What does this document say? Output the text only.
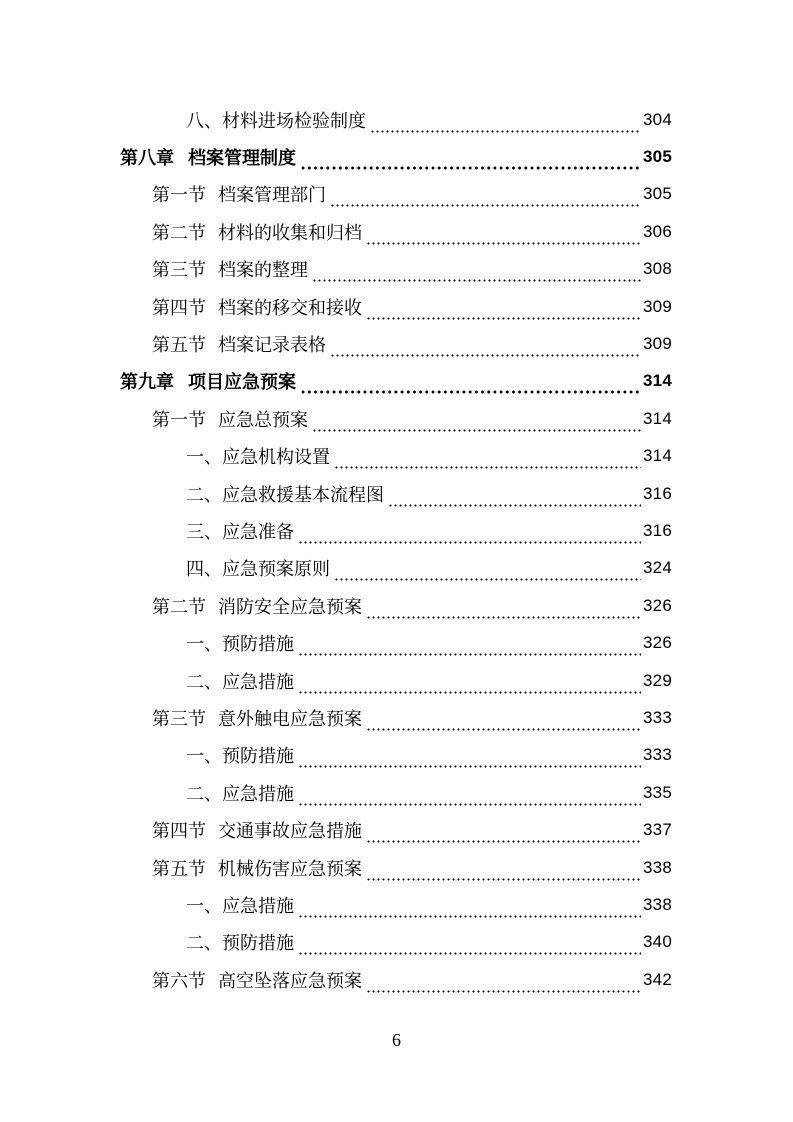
八、材料进场检验制度	304
第八章 档案管理制度	305
第一节 档案管理部门	305
第二节 材料的收集和归档	306
第三节 档案的整理	308
第四节 档案的移交和接收	309
第五节 档案记录表格	309
第九章 项目应急预案	314
第一节 应急总预案	314
一、应急机构设置	314
二、应急救援基本流程图	316
三、应急准备	316
四、应急预案原则	324
第二节 消防安全应急预案	326
一、预防措施	326
二、应急措施	329
第三节 意外触电应急预案	333
一、预防措施	333
二、应急措施	335
第四节 交通事故应急措施	337
第五节 机械伤害应急预案	338
一、应急措施	338
二、预防措施	340
第六节 高空坠落应急预案	342
6
